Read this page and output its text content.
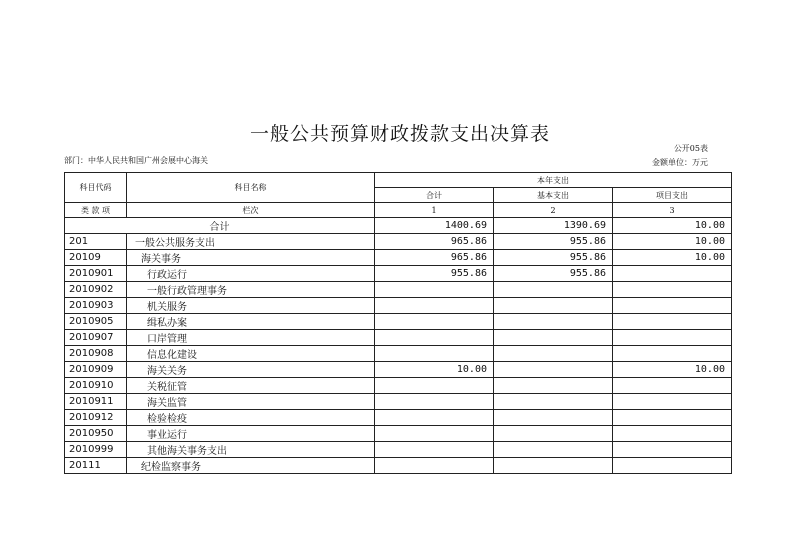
一般公共预算财政拨款支出决算表
公开05表
部门：中华人民共和国广州会展中心海关	金额单位：万元
科目代码	科目名称	本年支出		
		合计	基本支出	项目支出
类 款 项	栏次	1	2	3
合计		1400.69	1390.69	10.00
201	一般公共服务支出	965.86	955.86	10.00
20109	海关事务	965.86	955.86	10.00
2010901	行政运行	955.86	955.86	
2010902	一般行政管理事务			
2010903	机关服务			
2010905	缉私办案			
2010907	口岸管理			
2010908	信息化建设			
2010909	海关关务	10.00		10.00
2010910	关税征管			
2010911	海关监管			
2010912	检验检疫			
2010950	事业运行			
2010999	其他海关事务支出			
20111	纪检监察事务			
